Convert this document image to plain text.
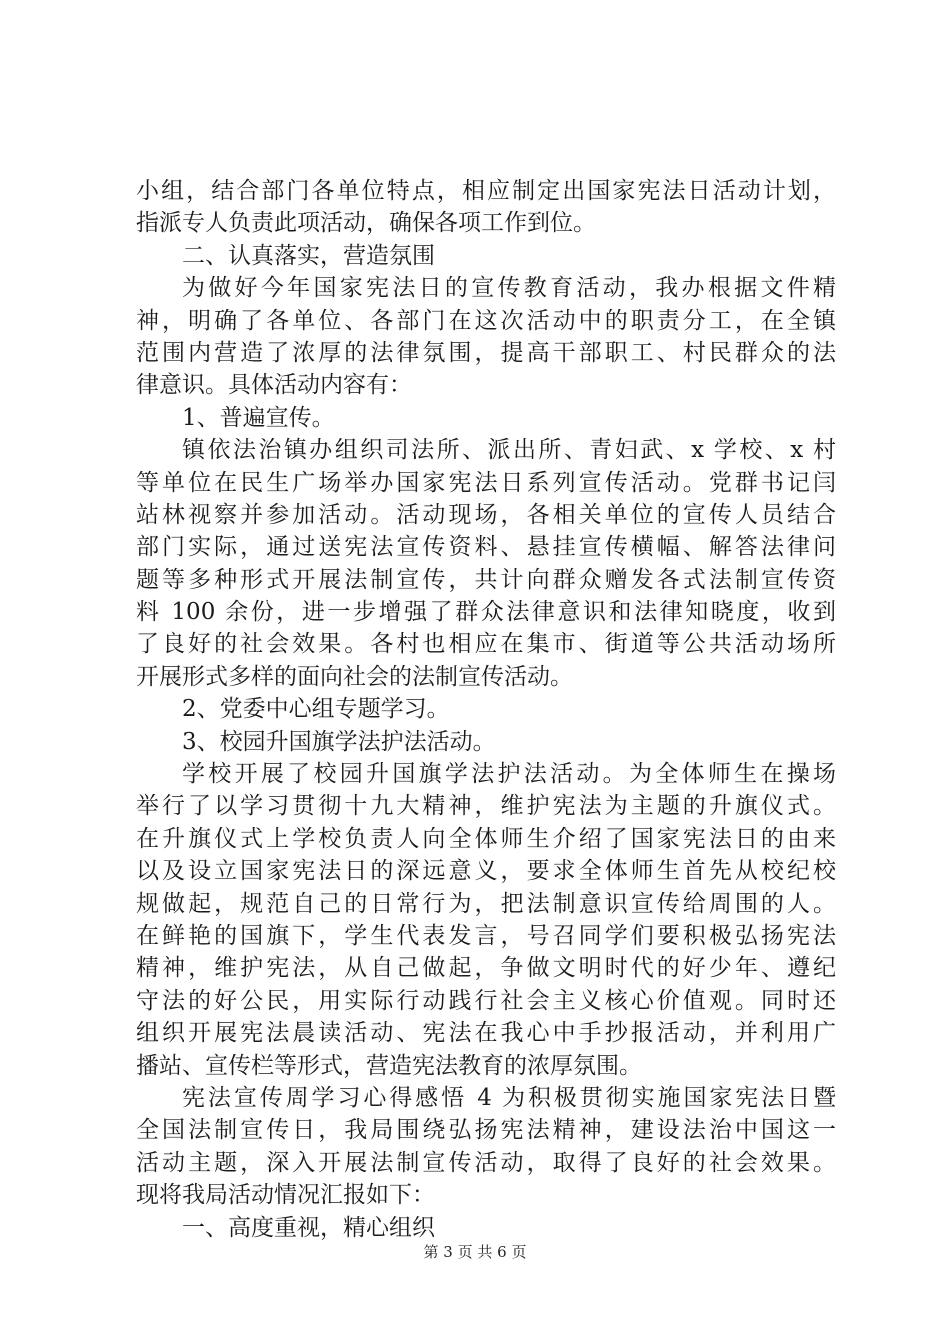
小组，结合部门各单位特点，相应制定出国家宪法日活动计划，
指派专人负责此项活动，确保各项工作到位。
二、认真落实，营造氛围
为做好今年国家宪法日的宣传教育活动，我办根据文件精
神，明确了各单位、各部门在这次活动中的职责分工，在全镇
范围内营造了浓厚的法律氛围，提高干部职工、村民群众的法
律意识。具体活动内容有：
1、普遍宣传。
镇依法治镇办组织司法所、派出所、青妇武、x 学校、x 村
等单位在民生广场举办国家宪法日系列宣传活动。党群书记闫
站林视察并参加活动。活动现场，各相关单位的宣传人员结合
部门实际，通过送宪法宣传资料、悬挂宣传横幅、解答法律问
题等多种形式开展法制宣传，共计向群众赠发各式法制宣传资
料 100 余份，进一步增强了群众法律意识和法律知晓度，收到
了良好的社会效果。各村也相应在集市、街道等公共活动场所
开展形式多样的面向社会的法制宣传活动。
2、党委中心组专题学习。
3、校园升国旗学法护法活动。
学校开展了校园升国旗学法护法活动。为全体师生在操场
举行了以学习贯彻十九大精神，维护宪法为主题的升旗仪式。
在升旗仪式上学校负责人向全体师生介绍了国家宪法日的由来
以及设立国家宪法日的深远意义，要求全体师生首先从校纪校
规做起，规范自己的日常行为，把法制意识宣传给周围的人。
在鲜艳的国旗下，学生代表发言，号召同学们要积极弘扬宪法
精神，维护宪法，从自己做起，争做文明时代的好少年、遵纪
守法的好公民，用实际行动践行社会主义核心价值观。同时还
组织开展宪法晨读活动、宪法在我心中手抄报活动，并利用广
播站、宣传栏等形式，营造宪法教育的浓厚氛围。
宪法宣传周学习心得感悟 4 为积极贯彻实施国家宪法日暨
全国法制宣传日，我局围绕弘扬宪法精神，建设法治中国这一
活动主题，深入开展法制宣传活动，取得了良好的社会效果。
现将我局活动情况汇报如下：
一、高度重视，精心组织
第 3 页 共 6 页
